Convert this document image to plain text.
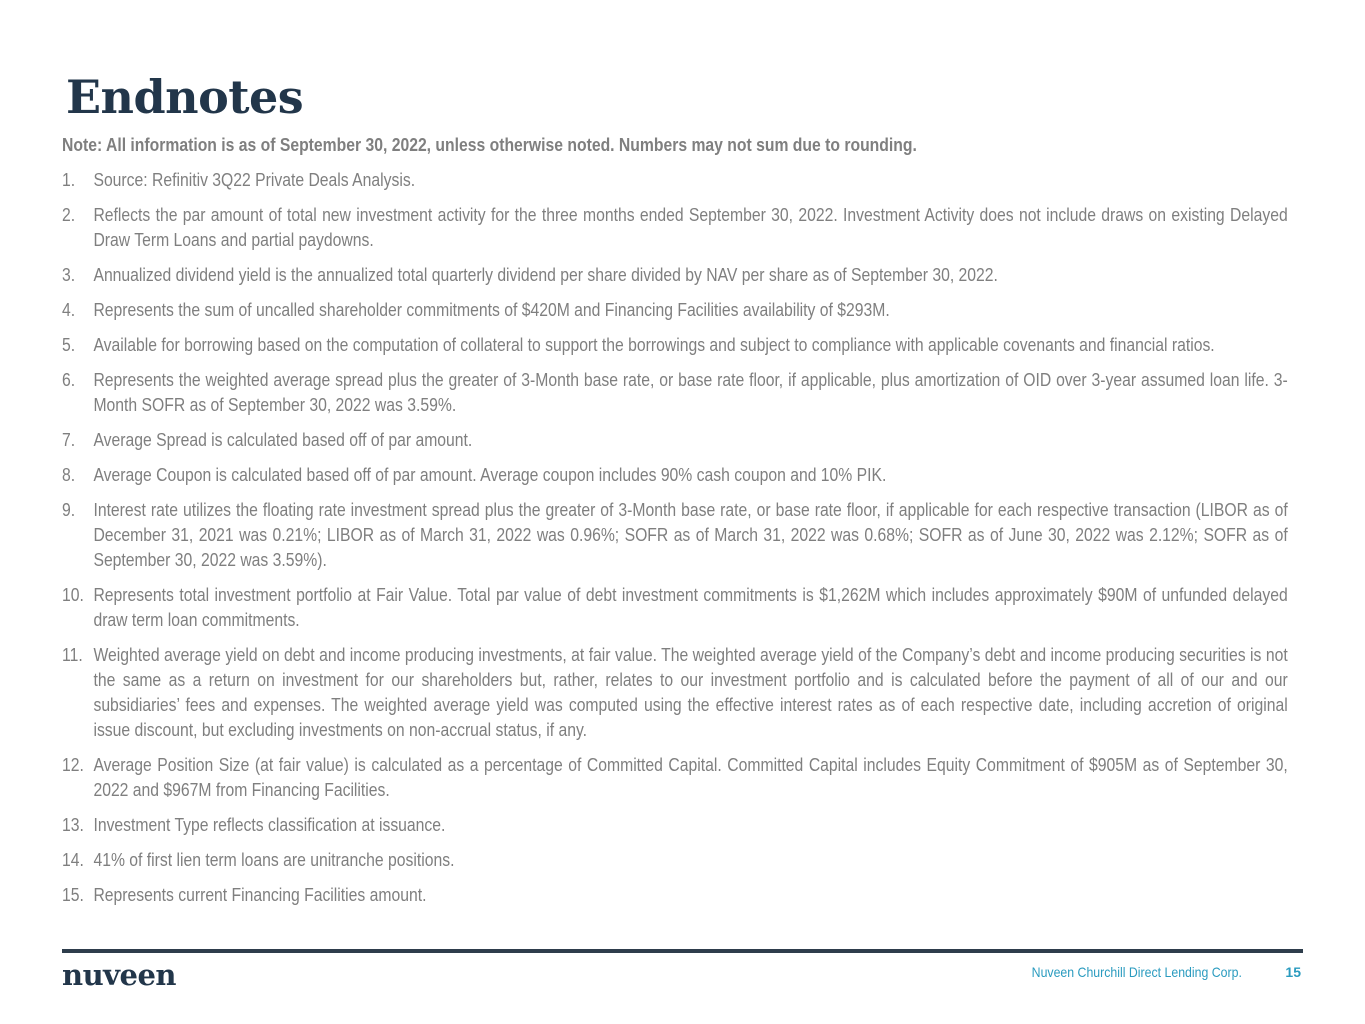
Endnotes
Note: All information is as of September 30, 2022, unless otherwise noted. Numbers may not sum due to rounding.
1. Source: Refinitiv 3Q22 Private Deals Analysis.
2. Reflects the par amount of total new investment activity for the three months ended September 30, 2022. Investment Activity does not include draws on existing Delayed Draw Term Loans and partial paydowns.
3. Annualized dividend yield is the annualized total quarterly dividend per share divided by NAV per share as of September 30, 2022.
4. Represents the sum of uncalled shareholder commitments of $420M and Financing Facilities availability of $293M.
5. Available for borrowing based on the computation of collateral to support the borrowings and subject to compliance with applicable covenants and financial ratios.
6. Represents the weighted average spread plus the greater of 3-Month base rate, or base rate floor, if applicable, plus amortization of OID over 3-year assumed loan life. 3-Month SOFR as of September 30, 2022 was 3.59%.
7. Average Spread is calculated based off of par amount.
8. Average Coupon is calculated based off of par amount. Average coupon includes 90% cash coupon and 10% PIK.
9. Interest rate utilizes the floating rate investment spread plus the greater of 3-Month base rate, or base rate floor, if applicable for each respective transaction (LIBOR as of December 31, 2021 was 0.21%; LIBOR as of March 31, 2022 was 0.96%; SOFR as of March 31, 2022 was 0.68%; SOFR as of June 30, 2022 was 2.12%; SOFR as of September 30, 2022 was 3.59%).
10. Represents total investment portfolio at Fair Value. Total par value of debt investment commitments is $1,262M which includes approximately $90M of unfunded delayed draw term loan commitments.
11. Weighted average yield on debt and income producing investments, at fair value. The weighted average yield of the Company’s debt and income producing securities is not the same as a return on investment for our shareholders but, rather, relates to our investment portfolio and is calculated before the payment of all of our and our subsidiaries’ fees and expenses. The weighted average yield was computed using the effective interest rates as of each respective date, including accretion of original issue discount, but excluding investments on non-accrual status, if any.
12. Average Position Size (at fair value) is calculated as a percentage of Committed Capital. Committed Capital includes Equity Commitment of $905M as of September 30, 2022 and $967M from Financing Facilities.
13. Investment Type reflects classification at issuance.
14. 41% of first lien term loans are unitranche positions.
15. Represents current Financing Facilities amount.
nuveen	Nuveen Churchill Direct Lending Corp.	15
